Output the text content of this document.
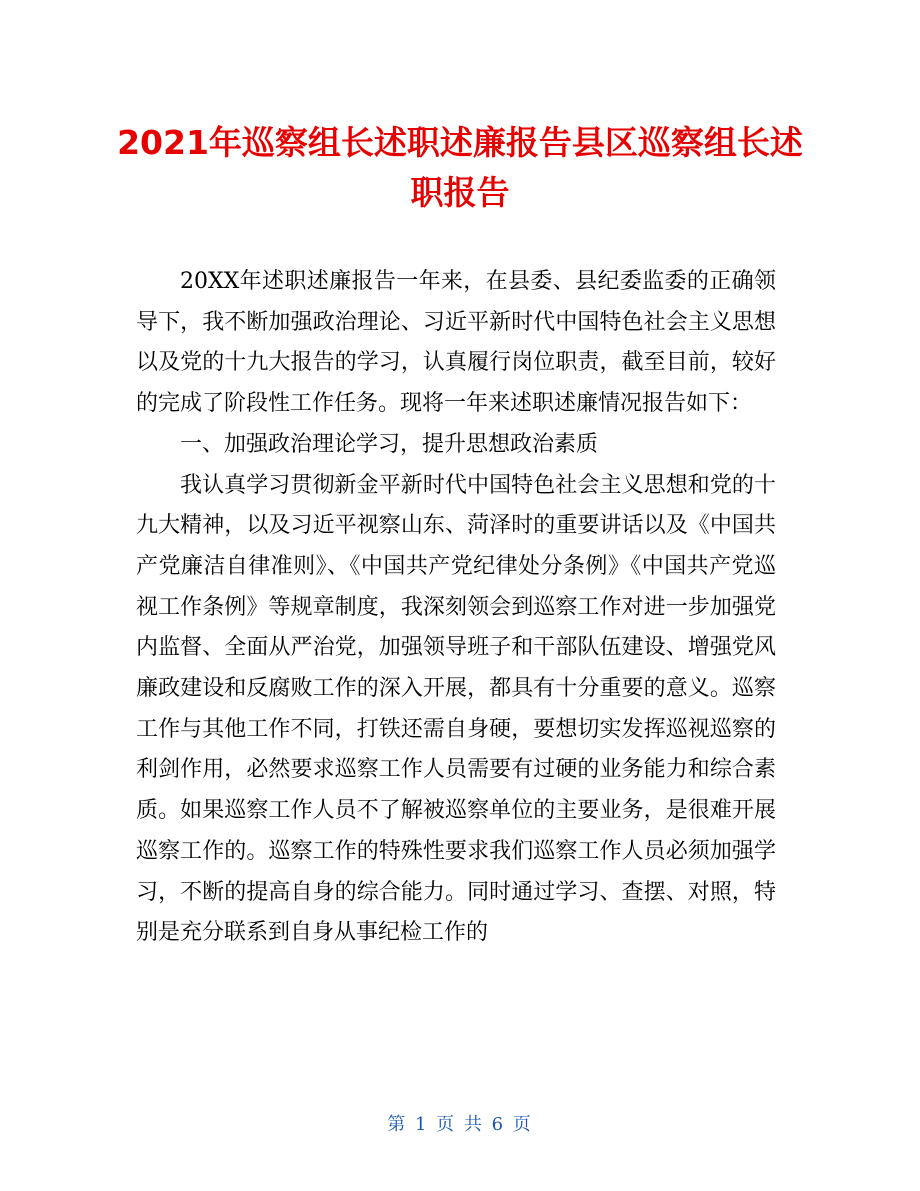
2021年巡察组长述职述廉报告县区巡察组长述职报告

20XX年述职述廉报告一年来，在县委、县纪委监委的正确领导下，我不断加强政治理论、习近平新时代中国特色社会主义思想以及党的十九大报告的学习，认真履行岗位职责，截至目前，较好的完成了阶段性工作任务。现将一年来述职述廉情况报告如下：

一、加强政治理论学习，提升思想政治素质

我认真学习贯彻新金平新时代中国特色社会主义思想和党的十九大精神，以及习近平视察山东、菏泽时的重要讲话以及《中国共产党廉洁自律准则》、《中国共产党纪律处分条例》《中国共产党巡视工作条例》等规章制度，我深刻领会到巡察工作对进一步加强党内监督、全面从严治党，加强领导班子和干部队伍建设、增强党风廉政建设和反腐败工作的深入开展，都具有十分重要的意义。巡察工作与其他工作不同，打铁还需自身硬，要想切实发挥巡视巡察的利剑作用，必然要求巡察工作人员需要有过硬的业务能力和综合素质。如果巡察工作人员不了解被巡察单位的主要业务，是很难开展巡察工作的。巡察工作的特殊性要求我们巡察工作人员必须加强学习，不断的提高自身的综合能力。同时通过学习、查摆、对照，特别是充分联系到自身从事纪检工作的

第 1 页 共 6 页
